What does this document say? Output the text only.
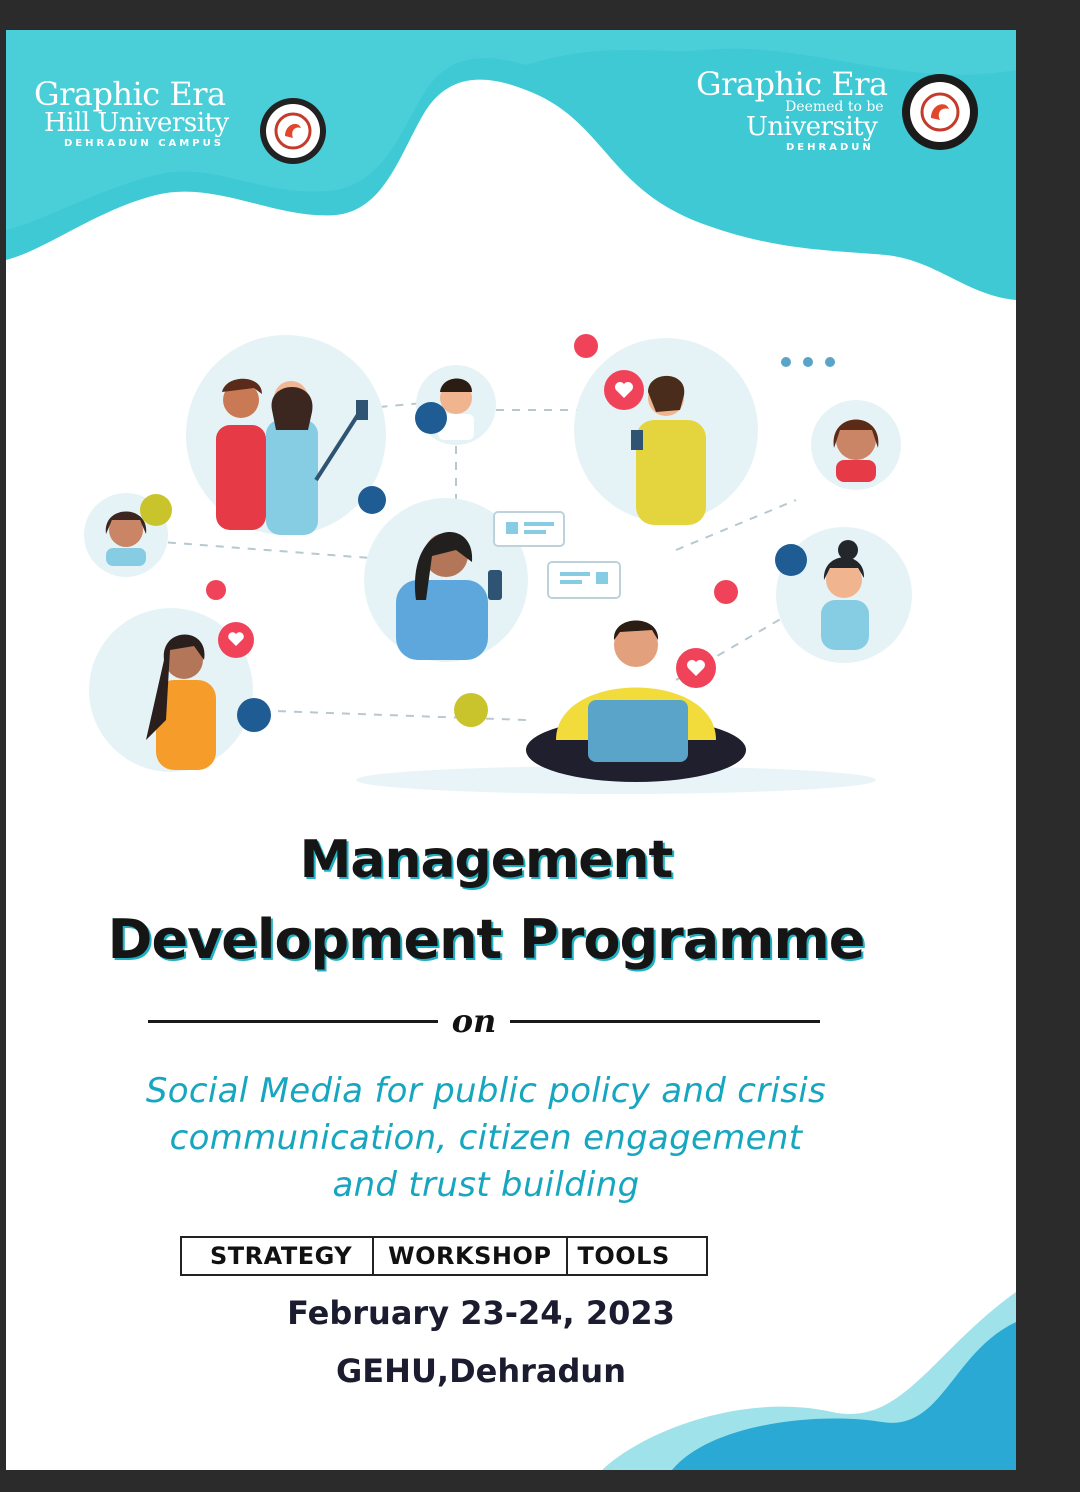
Graphic Era
Hill University
DEHRADUN CAMPUS
Graphic Era
Deemed to be
University
DEHRADUN
Management
Development Programme
on
Social Media for public policy and crisis
communication, citizen engagement
and trust building
STRATEGY	WORKSHOP	TOOLS
February 23-24, 2023
GEHU,Dehradun
